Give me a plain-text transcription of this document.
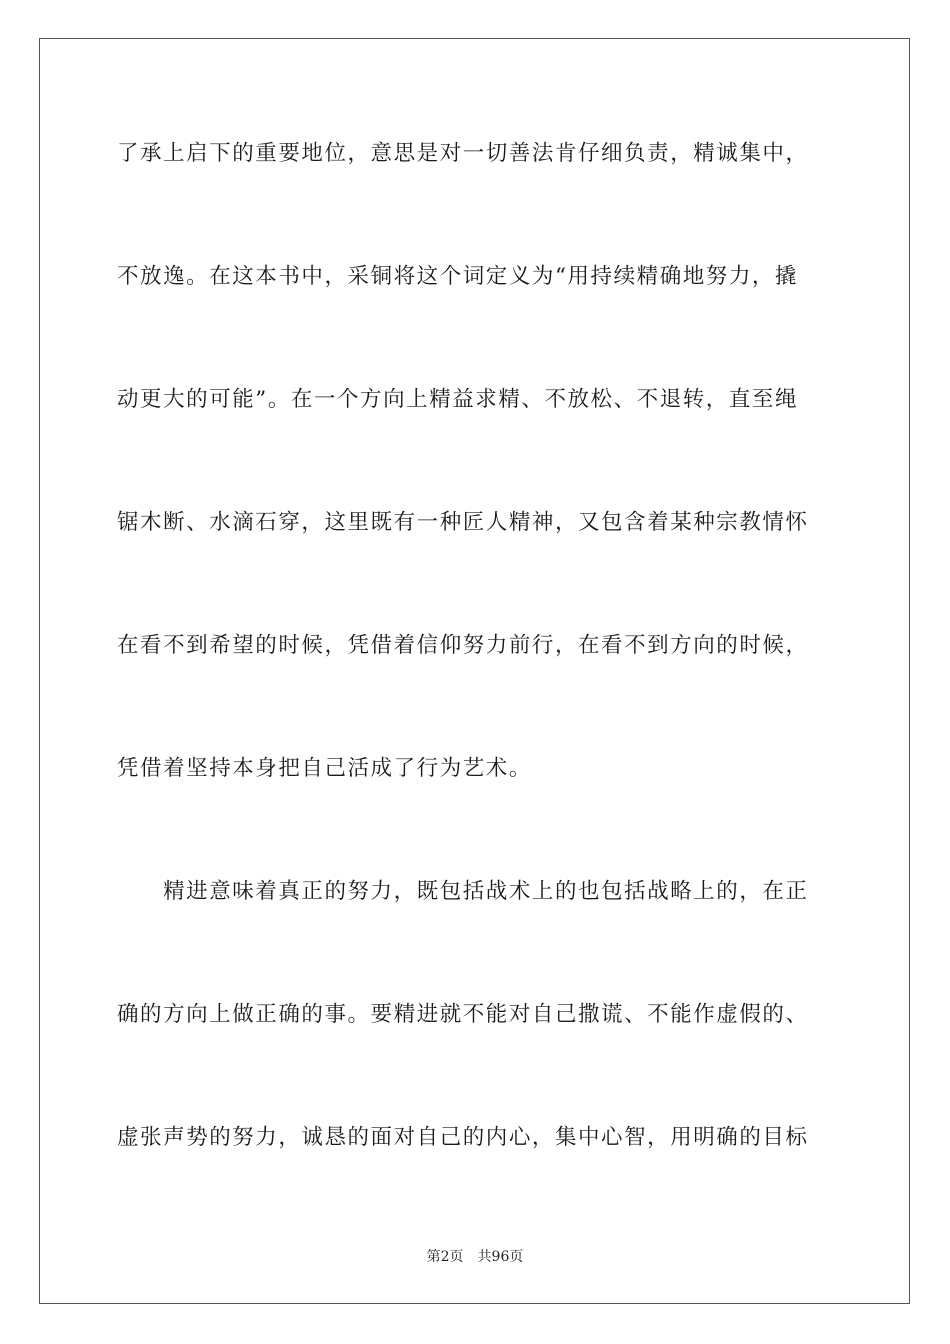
了承上启下的重要地位，意思是对一切善法肯仔细负责，精诚集中，
不放逸。在这本书中，采铜将这个词定义为“用持续精确地努力，撬
动更大的可能”。在一个方向上精益求精、不放松、不退转，直至绳
锯木断、水滴石穿，这里既有一种匠人精神，又包含着某种宗教情怀
在看不到希望的时候，凭借着信仰努力前行，在看不到方向的时候，
凭借着坚持本身把自己活成了行为艺术。
　　精进意味着真正的努力，既包括战术上的也包括战略上的，在正
确的方向上做正确的事。要精进就不能对自己撒谎、不能作虚假的、
虚张声势的努力，诚恳的面对自己的内心，集中心智，用明确的目标
第2页 共96页
